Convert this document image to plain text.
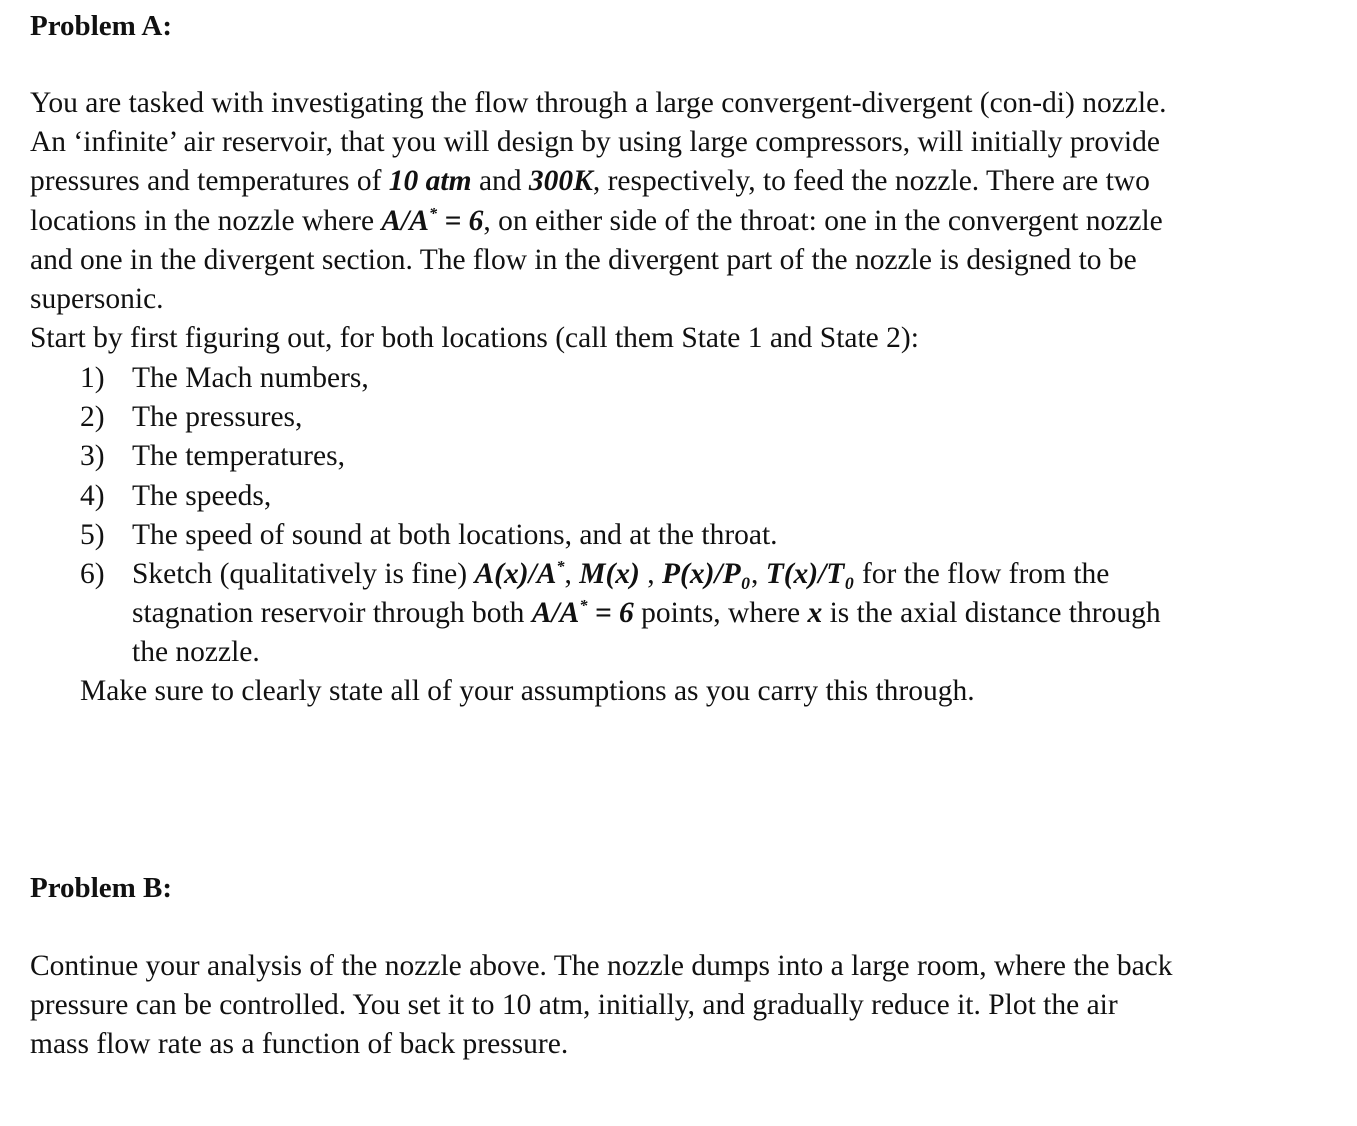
Problem A:
You are tasked with investigating the flow through a large convergent-divergent (con-di) nozzle.
An ‘infinite’ air reservoir, that you will design by using large compressors, will initially provide
pressures and temperatures of 10 atm and 300K, respectively, to feed the nozzle. There are two
locations in the nozzle where A/A* = 6, on either side of the throat: one in the convergent nozzle
and one in the divergent section. The flow in the divergent part of the nozzle is designed to be
supersonic.
Start by first figuring out, for both locations (call them State 1 and State 2):
1) The Mach numbers,
2) The pressures,
3) The temperatures,
4) The speeds,
5) The speed of sound at both locations, and at the throat.
6) Sketch (qualitatively is fine) A(x)/A*, M(x) , P(x)/P₀, T(x)/T₀ for the flow from the
stagnation reservoir through both A/A* = 6 points, where x is the axial distance through
the nozzle.
Make sure to clearly state all of your assumptions as you carry this through.
Problem B:
Continue your analysis of the nozzle above. The nozzle dumps into a large room, where the back
pressure can be controlled. You set it to 10 atm, initially, and gradually reduce it. Plot the air
mass flow rate as a function of back pressure.
